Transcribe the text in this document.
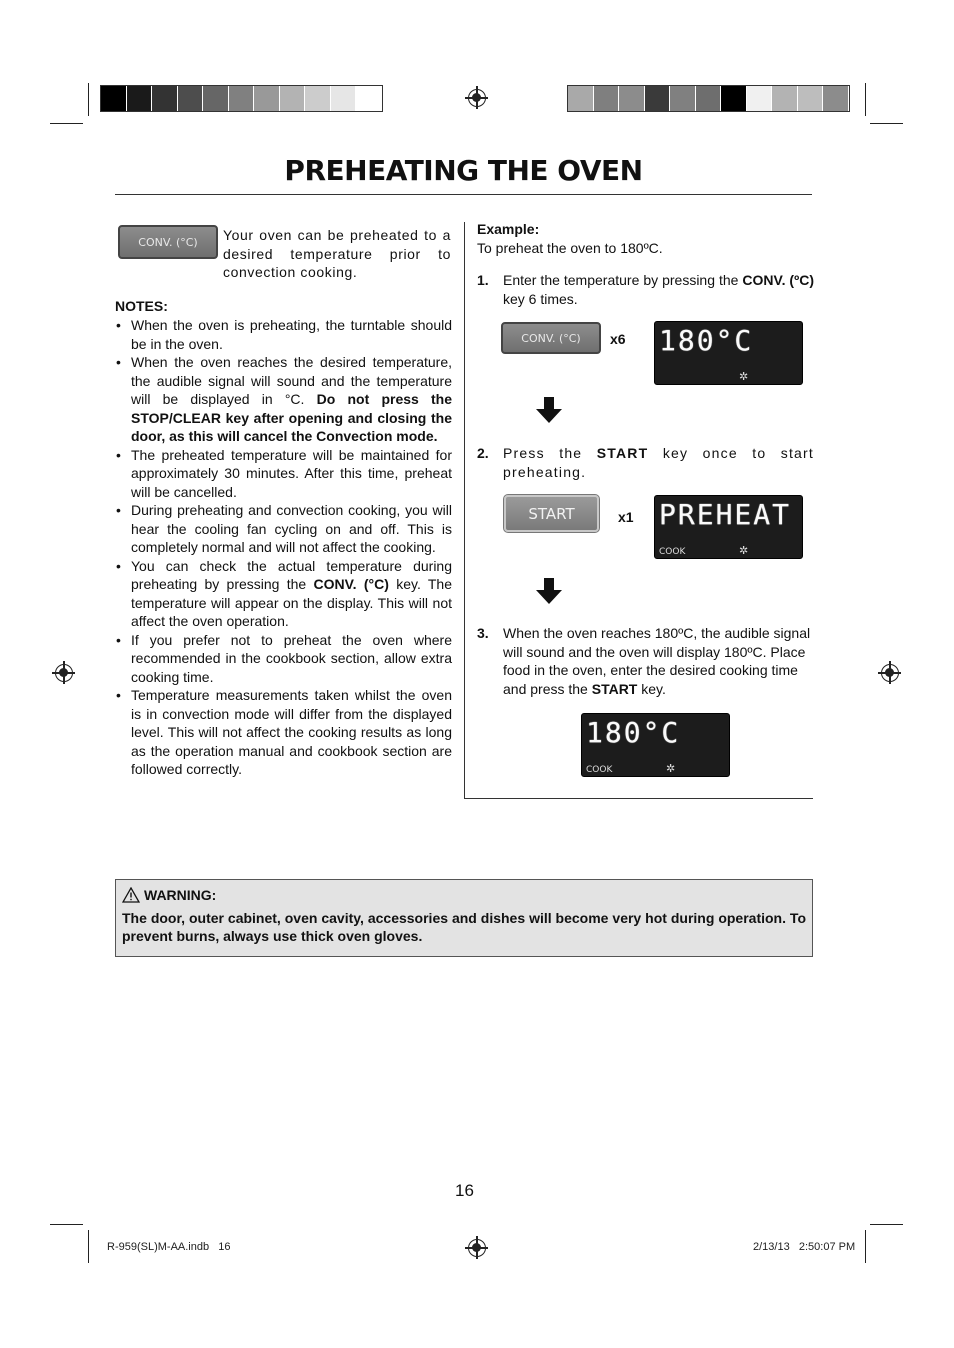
PREHEATING THE OVEN
CONV. (°C) Your oven can be preheated to a desired temperature prior to convection cooking.
NOTES:
• When the oven is preheating, the turntable should be in the oven.
• When the oven reaches the desired temperature, the audible signal will sound and the temperature will be displayed in °C. Do not press the STOP/CLEAR key after opening and closing the door, as this will cancel the Convection mode.
• The preheated temperature will be maintained for approximately 30 minutes. After this time, preheat will be cancelled.
• During preheating and convection cooking, you will hear the cooling fan cycling on and off. This is completely normal and will not affect the cooking.
• You can check the actual temperature during preheating by pressing the CONV. (°C) key. The temperature will appear on the display. This will not affect the oven operation.
• If you prefer not to preheat the oven where recommended in the cookbook section, allow extra cooking time.
• Temperature measurements taken whilst the oven is in convection mode will differ from the displayed level. This will not affect the cooking results as long as the operation manual and cookbook section are followed correctly.
Example:
To preheat the oven to 180ºC.
1. Enter the temperature by pressing the CONV. (ºC) key 6 times.
CONV. (°C) x6 180°C
✲
2. Press the START key once to start preheating.
START	x1 PREHEAT
COOK	✲
3. When the oven reaches 180ºC, the audible signal will sound and the oven will display 180ºC. Place food in the oven, enter the desired cooking time and press the START key.
180°C
COOK	✲
WARNING:
The door, outer cabinet, oven cavity, accessories and dishes will become very hot during operation. To prevent burns, always use thick oven gloves.
16
R-959(SL)M-AA.indb   16	2/13/13   2:50:07 PM
